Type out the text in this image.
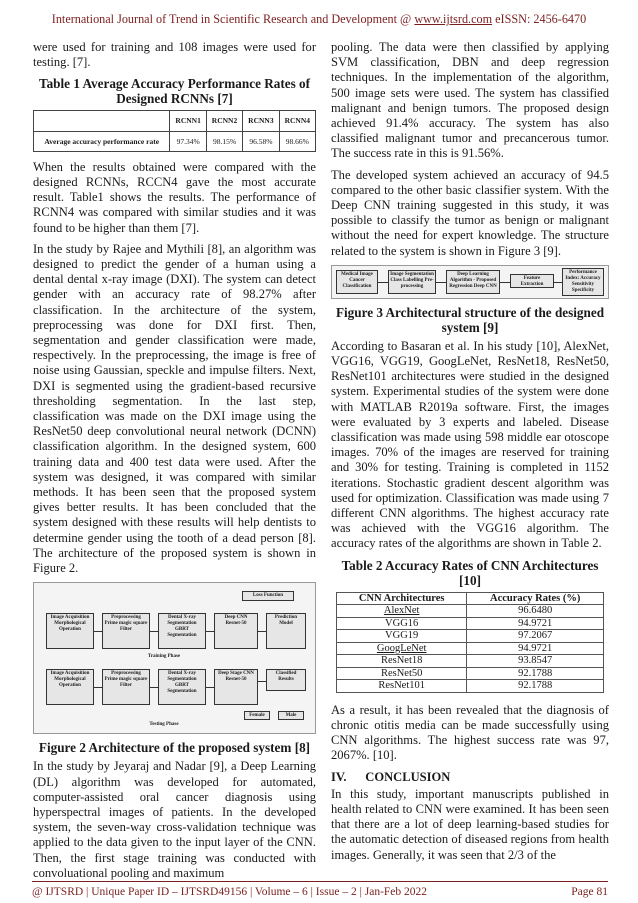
International Journal of Trend in Scientific Research and Development @ www.ijtsrd.com eISSN: 2456-6470

were used for training and 108 images were used for testing. [7].

Table 1 Average Accuracy Performance Rates of Designed RCNNs [7]
	RCNN1	RCNN2	RCNN3	RCNN4
Average accuracy performance rate	97.34%	98.15%	96.58%	98.66%

When the results obtained were compared with the designed RCNNs, RCCN4 gave the most accurate result. Table1 shows the results. The performance of RCNN4 was compared with similar studies and it was found to be higher than them [7].

In the study by Rajee and Mythili [8], an algorithm was designed to predict the gender of a human using a dental dental x-ray image (DXI). The system can detect gender with an accuracy rate of 98.27% after classification. In the architecture of the system, preprocessing was done for DXI first. Then, segmentation and gender classification were made, respectively. In the preprocessing, the image is free of noise using Gaussian, speckle and impulse filters. Next, DXI is segmented using the gradient-based recursive thresholding segmentation. In the last step, classification was made on the DXI image using the ResNet50 deep convolutional neural network (DCNN) classification algorithm. In the designed system, 600 training data and 400 test data were used. After the system was designed, it was compared with similar methods. It has been seen that the proposed system gives better results. It has been concluded that the system designed with these results will help dentists to determine gender using the tooth of a dead person [8]. The architecture of the proposed system is shown in Figure 2.

Loss Function
Image Acquisition
Morphological Operation
Preprocessing
Prime magic square Filter
Dental X-ray Segmentation
GBRT Segmentation
Deep CNN
Resnet-50
Prediction Model
Training Phase
Image Acquisition
Morphological Operation
Preprocessing
Prime magic square Filter
Dental X-ray Segmentation
GBRT Segmentation
Deep Stage CNN
Resnet-50
Classified Results
Female	Male
Testing Phase
Figure 2 Architecture of the proposed system [8]

In the study by Jeyaraj and Nadar [9], a Deep Learning (DL) algorithm was developed for automated, computer-assisted oral cancer diagnosis using hyperspectral images of patients. In the developed system, the seven-way cross-validation technique was applied to the data given to the input layer of the CNN. Then, the first stage training was conducted with convoluational pooling and maximum

pooling. The data were then classified by applying SVM classification, DBN and deep regression techniques. In the implementation of the algorithm, 500 image sets were used. The system has classified malignant and benign tumors. The proposed design achieved 91.4% accuracy. The system has also classified malignant tumor and precancerous tumor. The success rate in this is 91.56%.

The developed system achieved an accuracy of 94.5 compared to the other basic classifier system. With the Deep CNN training suggested in this study, it was possible to classify the tumor as benign or malignant without the need for expert knowledge. The structure related to the system is shown in Figure 3 [9].

Medical Image Cancer Classification
Image Segmentation Class Labelling Pre-processing
Deep Learning Algorithm - Proposed Regression Deep CNN
Feature Extraction
Performance Index: Accuracy Sensitivity Specificity
Figure 3 Architectural structure of the designed system [9]

According to Basaran et al. In his study [10], AlexNet, VGG16, VGG19, GoogLeNet, ResNet18, ResNet50, ResNet101 architectures were studied in the designed system. Experimental studies of the system were done with MATLAB R2019a software. First, the images were evaluated by 3 experts and labeled. Disease classification was made using 598 middle ear otoscope images. 70% of the images are reserved for training and 30% for testing. Training is completed in 1152 iterations. Stochastic gradient descent algorithm was used for optimization. Classification was made using 7 different CNN algorithms. The highest accuracy rate was achieved with the VGG16 algorithm. The accuracy rates of the algorithms are shown in Table 2.

Table 2 Accuracy Rates of CNN Architectures [10]
CNN Architectures	Accuracy Rates (%)
AlexNet	96.6480
VGG16	94.9721
VGG19	97.2067
GoogLeNet	94.9721
ResNet18	93.8547
ResNet50	92.1788
ResNet101	92.1788

As a result, it has been revealed that the diagnosis of chronic otitis media can be made successfully using CNN algorithms. The highest success rate was 97, 2067%. [10].

IV. CONCLUSION

In this study, important manuscripts published in health related to CNN were examined. It has been seen that there are a lot of deep learning-based studies for the automatic detection of diseased regions from health images. Generally, it was seen that 2/3 of the

@ IJTSRD | Unique Paper ID – IJTSRD49156 | Volume – 6 | Issue – 2 | Jan-Feb 2022	Page 81
